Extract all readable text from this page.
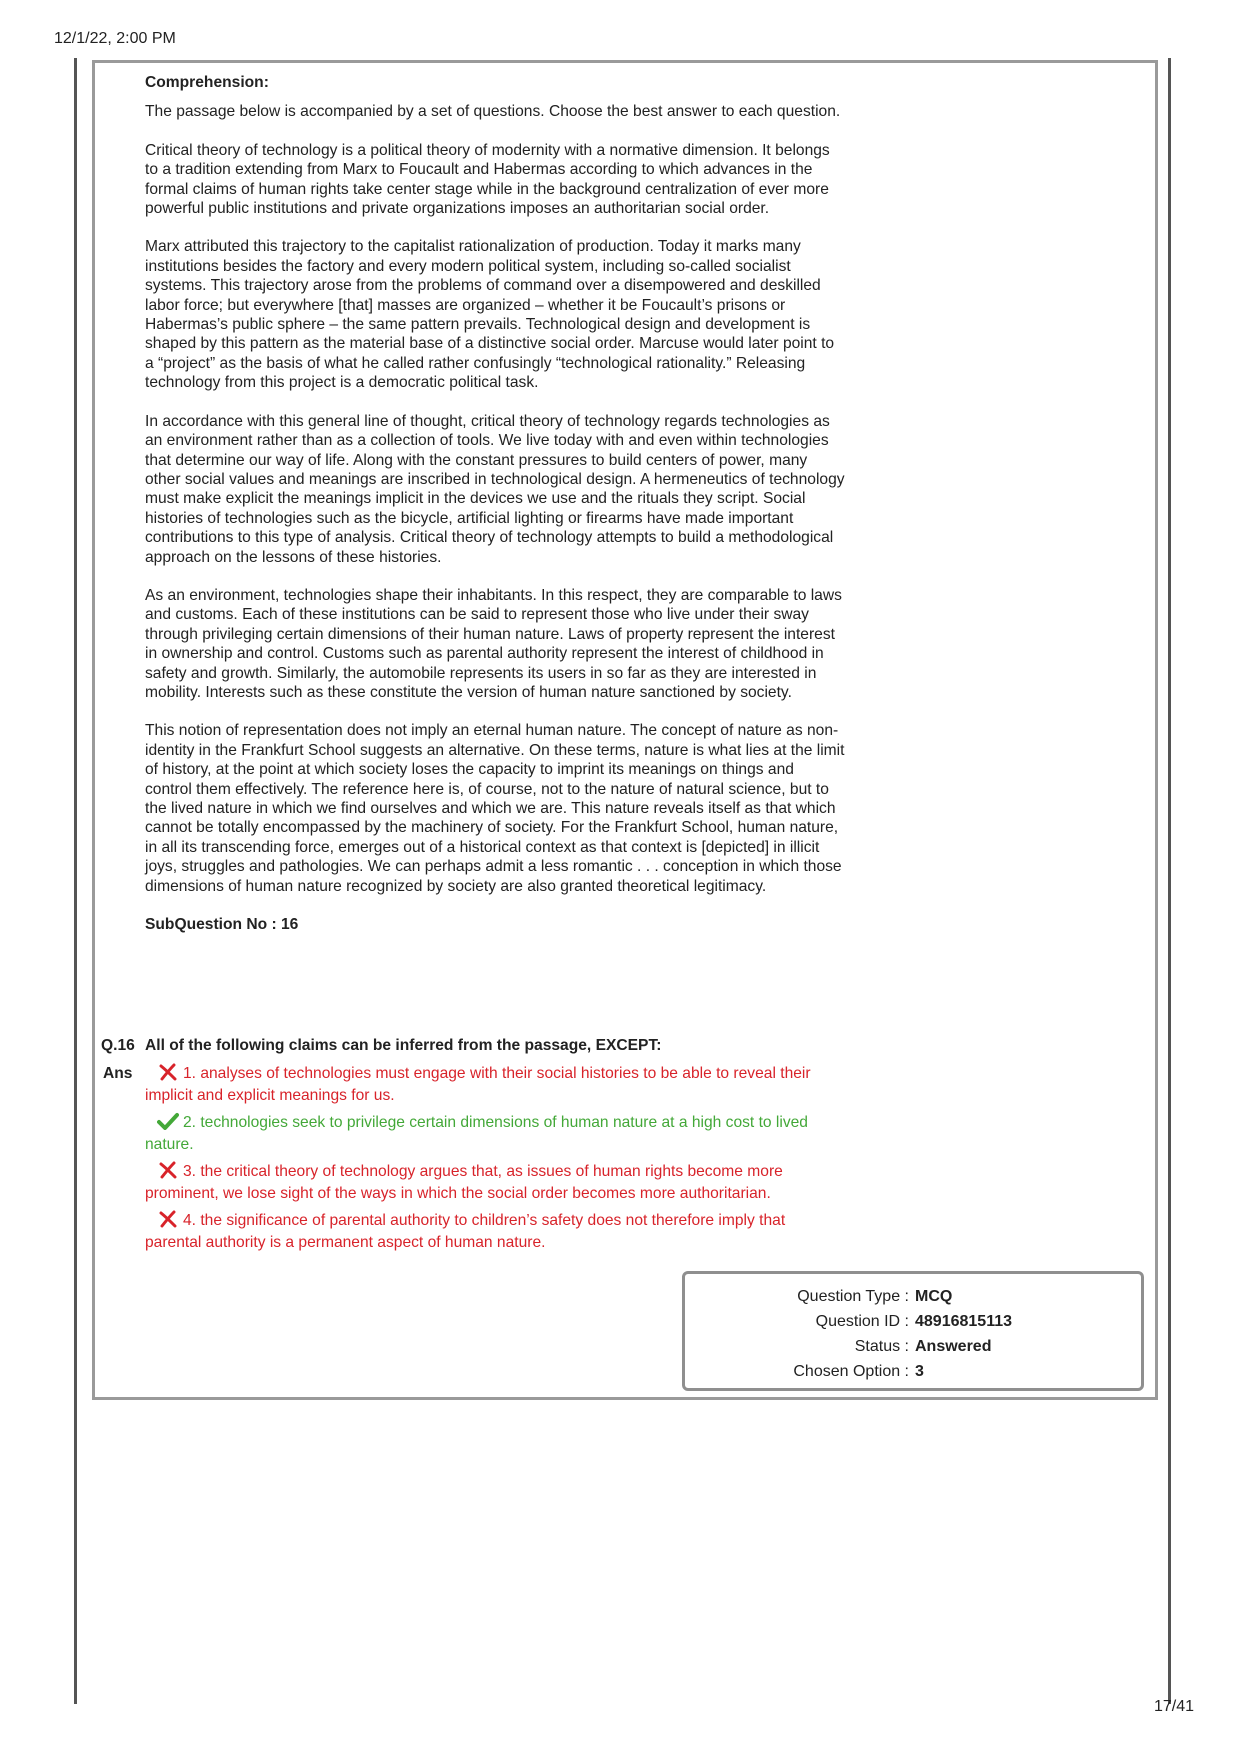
12/1/22, 2:00 PM
Comprehension:

The passage below is accompanied by a set of questions. Choose the best answer to each question.

Critical theory of technology is a political theory of modernity with a normative dimension. It belongs to a tradition extending from Marx to Foucault and Habermas according to which advances in the formal claims of human rights take center stage while in the background centralization of ever more powerful public institutions and private organizations imposes an authoritarian social order.

Marx attributed this trajectory to the capitalist rationalization of production. Today it marks many institutions besides the factory and every modern political system, including so-called socialist systems. This trajectory arose from the problems of command over a disempowered and deskilled labor force; but everywhere [that] masses are organized – whether it be Foucault’s prisons or Habermas’s public sphere – the same pattern prevails. Technological design and development is shaped by this pattern as the material base of a distinctive social order. Marcuse would later point to a “project” as the basis of what he called rather confusingly “technological rationality.” Releasing technology from this project is a democratic political task.

In accordance with this general line of thought, critical theory of technology regards technologies as an environment rather than as a collection of tools. We live today with and even within technologies that determine our way of life. Along with the constant pressures to build centers of power, many other social values and meanings are inscribed in technological design. A hermeneutics of technology must make explicit the meanings implicit in the devices we use and the rituals they script. Social histories of technologies such as the bicycle, artificial lighting or firearms have made important contributions to this type of analysis. Critical theory of technology attempts to build a methodological approach on the lessons of these histories.

As an environment, technologies shape their inhabitants. In this respect, they are comparable to laws and customs. Each of these institutions can be said to represent those who live under their sway through privileging certain dimensions of their human nature. Laws of property represent the interest in ownership and control. Customs such as parental authority represent the interest of childhood in safety and growth. Similarly, the automobile represents its users in so far as they are interested in mobility. Interests such as these constitute the version of human nature sanctioned by society.

This notion of representation does not imply an eternal human nature. The concept of nature as non-identity in the Frankfurt School suggests an alternative. On these terms, nature is what lies at the limit of history, at the point at which society loses the capacity to imprint its meanings on things and control them effectively. The reference here is, of course, not to the nature of natural science, but to the lived nature in which we find ourselves and which we are. This nature reveals itself as that which cannot be totally encompassed by the machinery of society. For the Frankfurt School, human nature, in all its transcending force, emerges out of a historical context as that context is [depicted] in illicit joys, struggles and pathologies. We can perhaps admit a less romantic . . . conception in which those dimensions of human nature recognized by society are also granted theoretical legitimacy.

SubQuestion No : 16
Q.16 All of the following claims can be inferred from the passage, EXCEPT:
Ans	1. analyses of technologies must engage with their social histories to be able to reveal their implicit and explicit meanings for us.
2. technologies seek to privilege certain dimensions of human nature at a high cost to lived nature.
3. the critical theory of technology argues that, as issues of human rights become more prominent, we lose sight of the ways in which the social order becomes more authoritarian.
4. the significance of parental authority to children’s safety does not therefore imply that parental authority is a permanent aspect of human nature.
Question Type : MCQ
Question ID : 48916815113
Status : Answered
Chosen Option : 3
17/41
